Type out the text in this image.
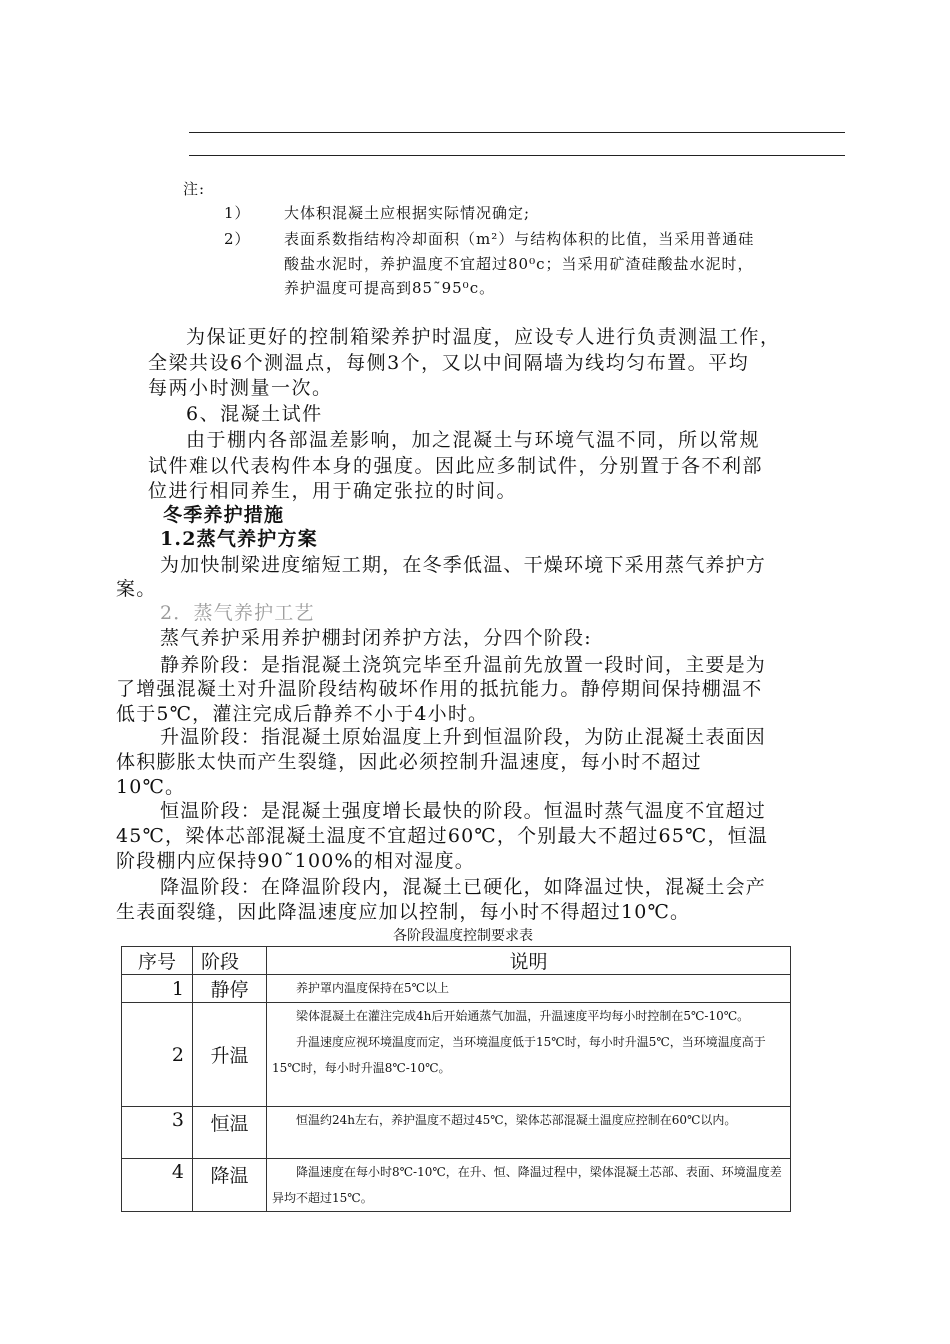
注:
1） 大体积混凝土应根据实际情况确定;
2） 表面系数指结构冷却面积（m²）与结构体积的比值，当采用普通硅
酸盐水泥时，养护温度不宜超过80⁰c；当采用矿渣硅酸盐水泥时，
养护温度可提高到85˜95⁰c。
为保证更好的控制箱梁养护时温度，应设专人进行负责测温工作，
全梁共设6个测温点，每侧3个，又以中间隔墙为线均匀布置。平均
每两小时测量一次。
6、混凝土试件
由于棚内各部温差影响，加之混凝土与环境气温不同，所以常规
试件难以代表构件本身的强度。因此应多制试件，分别置于各不利部
位进行相同养生，用于确定张拉的时间。
冬季养护措施
1.2蒸气养护方案
为加快制梁进度缩短工期，在冬季低温、干燥环境下采用蒸气养护方
案。
2．蒸气养护工艺
蒸气养护采用养护棚封闭养护方法，分四个阶段:
静养阶段：是指混凝土浇筑完毕至升温前先放置一段时间，主要是为
了增强混凝土对升温阶段结构破坏作用的抵抗能力。静停期间保持棚温不
低于5℃，灌注完成后静养不小于4小时。
升温阶段：指混凝土原始温度上升到恒温阶段，为防止混凝土表面因
体积膨胀太快而产生裂缝，因此必须控制升温速度，每小时不超过
10℃。
恒温阶段：是混凝土强度增长最快的阶段。恒温时蒸气温度不宜超过
45℃，梁体芯部混凝土温度不宜超过60℃，个别最大不超过65℃，恒温
阶段棚内应保持90˜100%的相对湿度。
降温阶段：在降温阶段内，混凝土已硬化，如降温过快，混凝土会产
生表面裂缝，因此降温速度应加以控制，每小时不得超过10℃。
各阶段温度控制要求表
序号	阶段	说明
1	静停	养护罩内温度保持在5℃以上

2	升温	梁体混凝土在灌注完成4h后开始通蒸气加温，升温速度平均每小时控制在5℃-10℃。
升温速度应视环境温度而定，当环境温度低于15℃时，每小时升温5℃，当环境温度高于15℃时，每小时升温8℃-10℃。

3	恒温	恒温约24h左右，养护温度不超过45℃，梁体芯部混凝土温度应控制在60℃以内。

4	降温	降温速度在每小时8℃-10℃，在升、恒、降温过程中，梁体混凝土芯部、表面、环境温度差异均不超过15℃。
